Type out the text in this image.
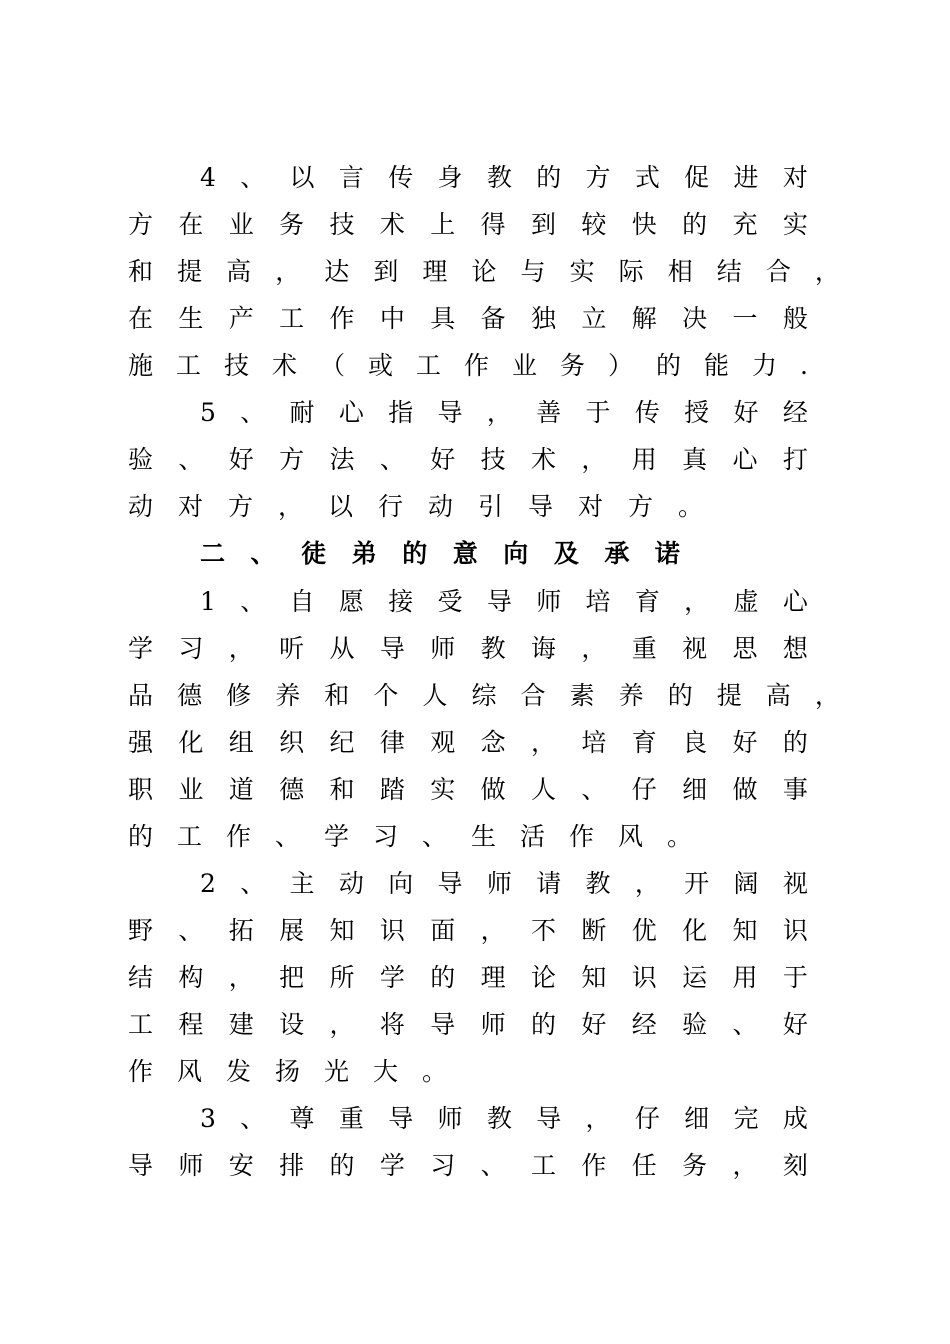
4 、 以 言 传 身 教 的 方 式 促 进 对
方 在 业 务 技 术 上 得 到 较 快 的 充 实
和 提 高 ， 达 到 理 论 与 实 际 相 结 合 ，
在 生 产 工 作 中 具 备 独 立 解 决 一 般
施 工 技 术 （ 或 工 作 业 务 ） 的 能 力 .
5 、 耐 心 指 导 ， 善 于 传 授 好 经
验 、 好 方 法 、 好 技 术 ， 用 真 心 打
动对方，以行动引导对方。
二 、 徒 弟 的 意 向 及 承 诺
1 、 自 愿 接 受 导 师 培 育 ， 虚 心
学 习 ， 听 从 导 师 教 诲 ， 重 视 思 想
品 德 修 养 和 个 人 综 合 素 养 的 提 高 ，
强 化 组 织 纪 律 观 念 ， 培 育 良 好 的
职 业 道 德 和 踏 实 做 人 、 仔 细 做 事
的工作、学习、生活作风。
2 、 主 动 向 导 师 请 教 ， 开 阔 视
野 、 拓 展 知 识 面 ， 不 断 优 化 知 识
结 构 ， 把 所 学 的 理 论 知 识 运 用 于
工 程 建 设 ， 将 导 师 的 好 经 验 、 好
作风发扬光大。
3 、 尊 重 导 师 教 导 ， 仔 细 完 成
导 师 安 排 的 学 习 、 工 作 任 务 ， 刻
